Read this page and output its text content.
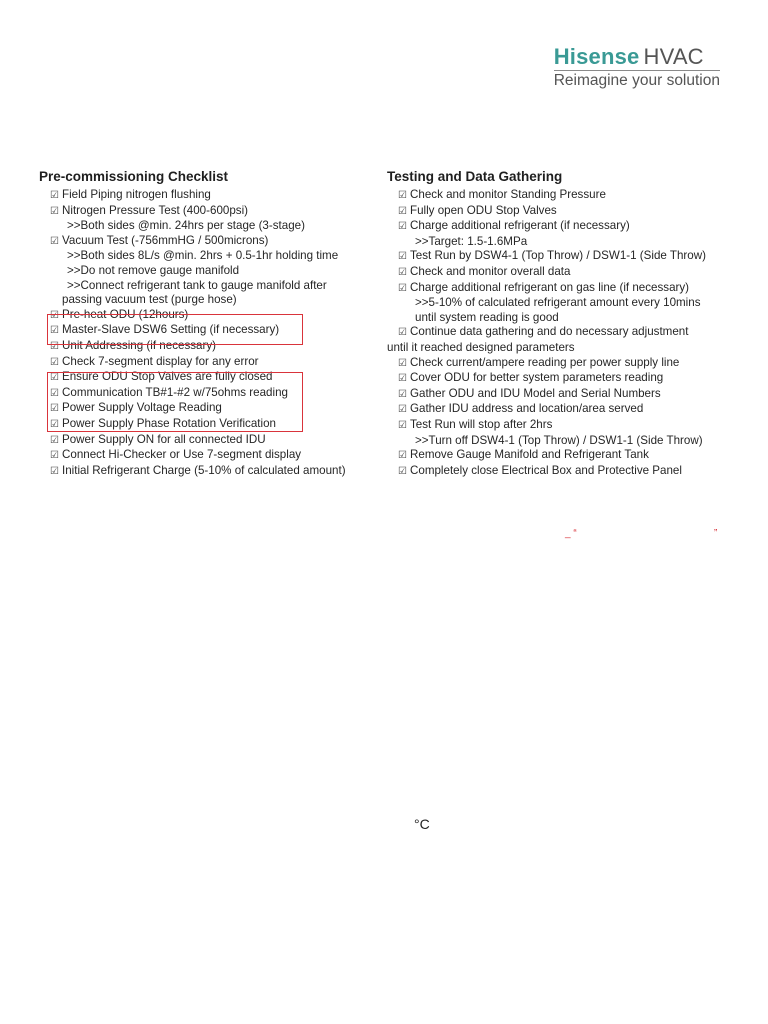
Hisense HVAC
Reimagine your solution
Pre-commissioning Checklist
☑ Field Piping nitrogen flushing
☑ Nitrogen Pressure Test (400-600psi)
>>Both sides @min. 24hrs per stage (3-stage)
☑ Vacuum Test (-756mmHG / 500microns)
>>Both sides 8L/s @min. 2hrs + 0.5-1hr holding time
>>Do not remove gauge manifold
>>Connect refrigerant tank to gauge manifold after
passing vacuum test (purge hose)
☑ Pre-heat ODU (12hours)
☑ Master-Slave DSW6 Setting (if necessary)
☑ Unit Addressing (if necessary)
☑ Check 7-segment display for any error
☑ Ensure ODU Stop Valves are fully closed
☑ Communication TB#1-#2 w/75ohms reading
☑ Power Supply Voltage Reading
☑ Power Supply Phase Rotation Verification
☑ Power Supply ON for all connected IDU
☑ Connect Hi-Checker or Use 7-segment display
☑ Initial Refrigerant Charge (5-10% of calculated amount)
Testing and Data Gathering
☑ Check and monitor Standing Pressure
☑ Fully open ODU Stop Valves
☑ Charge additional refrigerant (if necessary)
>>Target: 1.5-1.6MPa
☑ Test Run by DSW4-1 (Top Throw) / DSW1-1 (Side Throw)
☑ Check and monitor overall data
☑ Charge additional refrigerant on gas line (if necessary)
>>5-10% of calculated refrigerant amount every 10mins
until system reading is good
☑ Continue data gathering and do necessary adjustment
until it reached designed parameters
☑ Check current/ampere reading per power supply line
☑ Cover ODU for better system parameters reading
☑ Gather ODU and IDU Model and Serial Numbers
☑ Gather IDU address and location/area served
☑ Test Run will stop after 2hrs
>>Turn off DSW4-1 (Top Throw) / DSW1-1 (Side Throw)
☑ Remove Gauge Manifold and Refrigerant Tank
☑ Completely close Electrical Box and Protective Panel
_ “	”
°C
